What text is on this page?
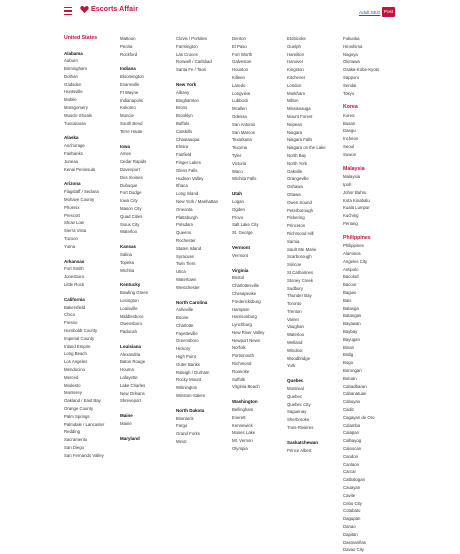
Escorts Affair	Adult SEO Post
United States
Alabama
Auburn
Birmingham
Dothan
Gadsden
Huntsville
Mobile
Montgomery
Muscle Shoals
Tuscaloosa
Alaska
Anchorage
Fairbanks
Juneau
Kenai Peninsula
Arizona
Flagstaff / Sedona
Mohave County
Phoenix
Prescott
Show Low
Sierra Vista
Tucson
Yuma
Arkansas
Fort Smith
Jonesboro
Little Rock
California
Bakersfield
Chico
Fresno
Humboldt County
Imperial County
Inland Empire
Long Beach
Los Angeles
Mendocino
Merced
Modesto
Monterey
Oakland / East Bay
Orange County
Palm Springs
Palmdale / Lancaster
Redding
Sacramento
San Diego
San Fernando Valley
Mattoon
Peoria
Rockford
Indiana
Bloomington
Evansville
Ft Wayne
Indianapolis
Kokomo
Muncie
South Bend
Terre Haute
Iowa
Ames
Cedar Rapids
Davenport
Des moines
Dubuque
Fort Dodge
Iowa City
Mason City
Quad Cities
Sioux City
Waterloo
Kansas
Salina
Topeka
Wichita
Kentucky
Bowling Green
Lexington
Louisville
Middlesboro
Owensboro
Paducah
Louisiana
Alexandria
Baton Rouge
Houma
Lafayette
Lake Charles
New Orleans
Shreveport
Maine
Maine
Maryland
Clovis / Portales
Farmington
Las Cruces
Roswell / Carlsbad
Santa Fe / Taos
New York
Albany
Binghamton
Bronx
Brooklyn
Buffalo
Catskills
Chautauqua
Elmira
Fairfield
Finger Lakes
Glens Falls
Hudson Valley
Ithaca
Long Island
New York / Manhattan
Oneonta
Plattsburgh
Potsdam
Queens
Rochester
Staten Island
Syracuse
Twin Tiers
Utica
Watertown
Westchester
North Carolina
Asheville
Boone
Charlotte
Fayetteville
Greensboro
Hickory
High Point
Outer Banks
Raleigh / Durham
Rocky Mount
Wilmington
Winston-Salem
North Dakota
Bismarck
Fargo
Grand Forks
Minot
Denton
El Paso
Fort Worth
Galveston
Houston
Killeen
Laredo
Longview
Lubbock
Mcallen
Odessa
San Antonio
San Marcos
Texarkana
Texoma
Tyler
Victoria
Waco
Wichita Falls
Utah
Logan
Ogden
Provo
Salt Lake City
St. George
Vermont
Vermont
Virginia
Bristol
Charlottesville
Chesapeake
Fredericksburg
Hampton
Harrisonburg
Lynchburg
New River Valley
Newport News
Norfolk
Portsmouth
Richmond
Roanoke
Suffolk
Virginia Beach
Washington
Bellingham
Everett
Kennewick
Moses Lake
Mt. Vernon
Olympia
Etobicoke
Guelph
Hamilton
Hanover
Kingston
Kitchener
London
Markham
Milton
Mississauga
Mount Forest
Nepean
Niagara
Niagara Falls
Niagara on the Lake
North Bay
North York
Oakville
Orangeville
Oshawa
Ottawa
Owen Sound
Peterborough
Pickering
Princeton
Richmond Hill
Sarnia
Sault Ste Marie
Scarborough
Simcoe
St Catharines
Stoney Creek
Sudbury
Thunder Bay
Toronto
Trenton
Vanier
Vaughan
Waterloo
Welland
Windsor
Woodbridge
York
Quebec
Montreal
Quebec
Quebec City
Saguenay
Sherbrooke
Trois-Rivières
Saskatchewan
Prince Albert
Fukuoka
Hiroshima
Nagoya
Okinawa
Osaka-Kobe-Kyoto
Sapporo
Sendai
Tokyo
Korea
Korea
Busan
Daegu
Incheon
Seoul
Suwon
Malaysia
Malaysia
Ipoh
Johor Bahru
Kota Kinabalu
Kuala Lumpur
Kuching
Penang
Philippines
Philippines
Alaminos
Angeles City
Antipolo
Bacolod
Bacoor
Baguio
Bais
Balanga
Batangas
Bayawan
Baybay
Bayugan
Binan
Bislig
Bogo
Borongan
Butuan
Cabadbaran
Cabanatuan
Cabuyao
Cadiz
Cagayan de Oro
Calamba
Calapan
Calbayog
Caloocan
Candon
Canlaon
Carcar
Catbalogan
Cauayan
Cavite
Cebu City
Cotabato
Dagupan
Danao
Dapitan
Dasmariñas
Davao City
